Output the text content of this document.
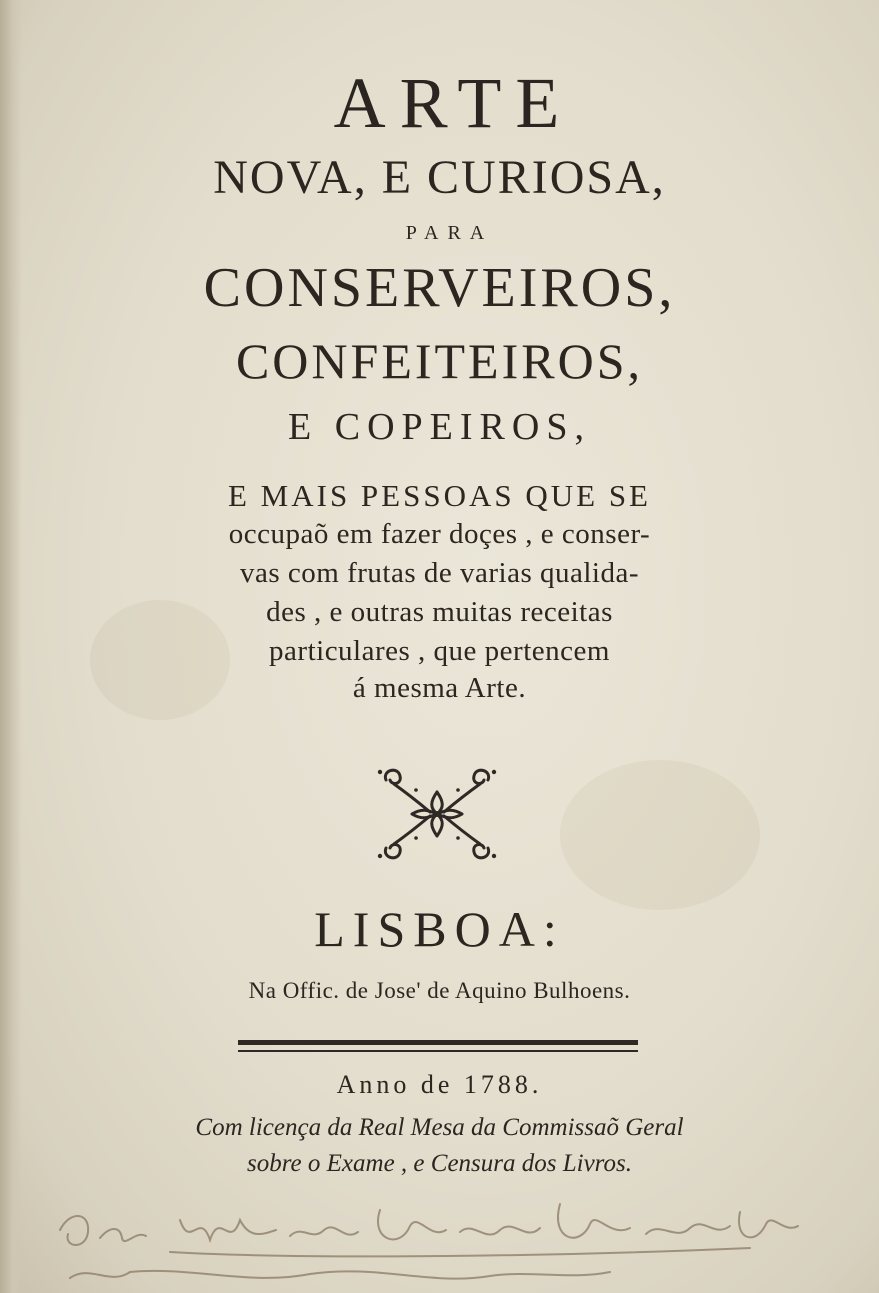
ARTE
NOVA, E CURIOSA,
PARA
CONSERVEIROS,
CONFEITEIROS,
E COPEIROS,
E MAIS PESSOAS QUE SE
occupaõ em fazer doçes , e conser-
vas com frutas de varias qualida-
des , e outras muitas receitas
particulares , que pertencem
á mesma Arte.
LISBOA:
Na Offic. de Jose' de Aquino Bulhoens.
Anno de 1788.
Com licença da Real Mesa da Commissaõ Geral
sobre o Exame , e Censura dos Livros.
